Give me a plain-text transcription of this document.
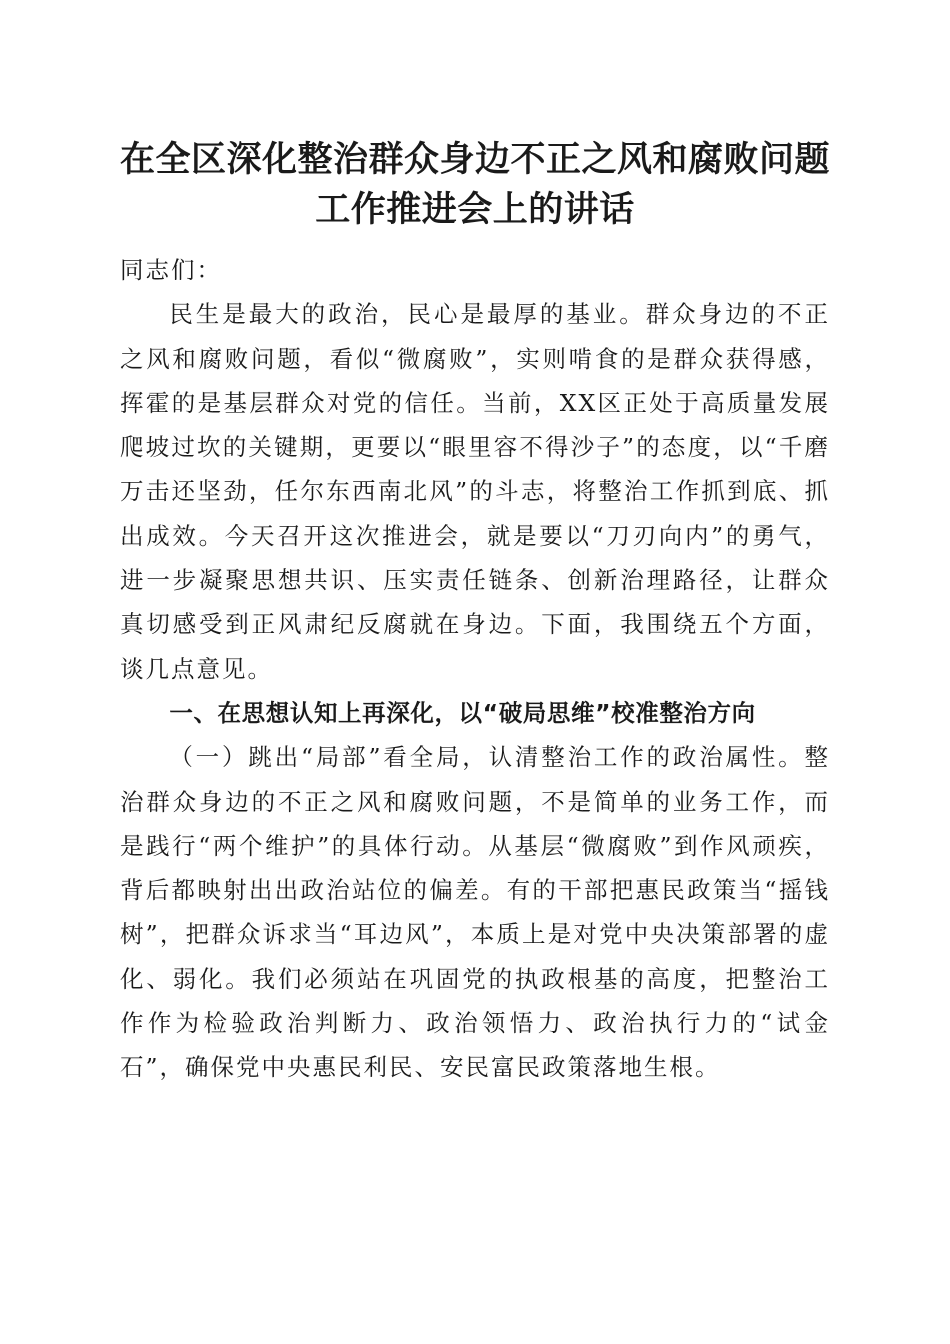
在全区深化整治群众身边不正之风和腐败问题
工作推进会上的讲话

同志们：

民生是最大的政治，民心是最厚的基业。群众身边的不正之风和腐败问题，看似“微腐败”，实则啃食的是群众获得感，挥霍的是基层群众对党的信任。当前，XX区正处于高质量发展爬坡过坎的关键期，更要以“眼里容不得沙子”的态度，以“千磨万击还坚劲，任尔东西南北风”的斗志，将整治工作抓到底、抓出成效。今天召开这次推进会，就是要以“刀刃向内”的勇气，进一步凝聚思想共识、压实责任链条、创新治理路径，让群众真切感受到正风肃纪反腐就在身边。下面，我围绕五个方面，谈几点意见。

一、在思想认知上再深化，以“破局思维”校准整治方向

（一）跳出“局部”看全局，认清整治工作的政治属性。整治群众身边的不正之风和腐败问题，不是简单的业务工作，而是践行“两个维护”的具体行动。从基层“微腐败”到作风顽疾，背后都映射出出政治站位的偏差。有的干部把惠民政策当“摇钱树”，把群众诉求当“耳边风”，本质上是对党中央决策部署的虚化、弱化。我们必须站在巩固党的执政根基的高度，把整治工作作为检验政治判断力、政治领悟力、政治执行力的“试金石”，确保党中央惠民利民、安民富民政策落地生根。
